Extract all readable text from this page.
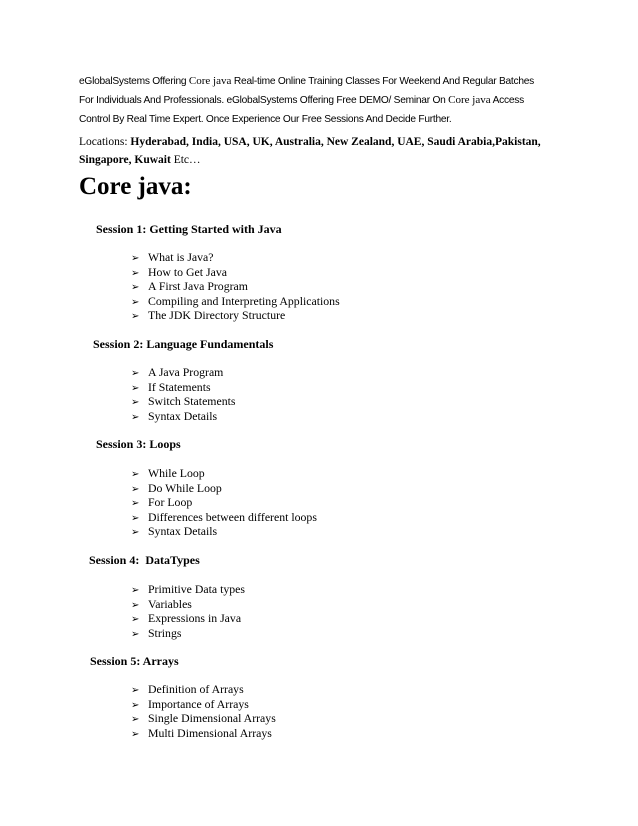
eGlobalSystems Offering Core java Real-time Online Training Classes For Weekend And Regular Batches
For Individuals And Professionals. eGlobalSystems Offering Free DEMO/ Seminar On Core java Access
Control By Real Time Expert. Once Experience Our Free Sessions And Decide Further.
Locations: Hyderabad, India, USA, UK, Australia, New Zealand, UAE, Saudi Arabia,Pakistan,
Singapore, Kuwait Etc…
Core java:
Session 1: Getting Started with Java
➢ What is Java?
➢ How to Get Java
➢ A First Java Program
➢ Compiling and Interpreting Applications
➢ The JDK Directory Structure
Session 2: Language Fundamentals
➢ A Java Program
➢ If Statements
➢ Switch Statements
➢ Syntax Details
Session 3: Loops
➢ While Loop
➢ Do While Loop
➢ For Loop
➢ Differences between different loops
➢ Syntax Details
Session 4:  DataTypes
➢ Primitive Data types
➢ Variables
➢ Expressions in Java
➢ Strings
Session 5: Arrays
➢ Definition of Arrays
➢ Importance of Arrays
➢ Single Dimensional Arrays
➢ Multi Dimensional Arrays
